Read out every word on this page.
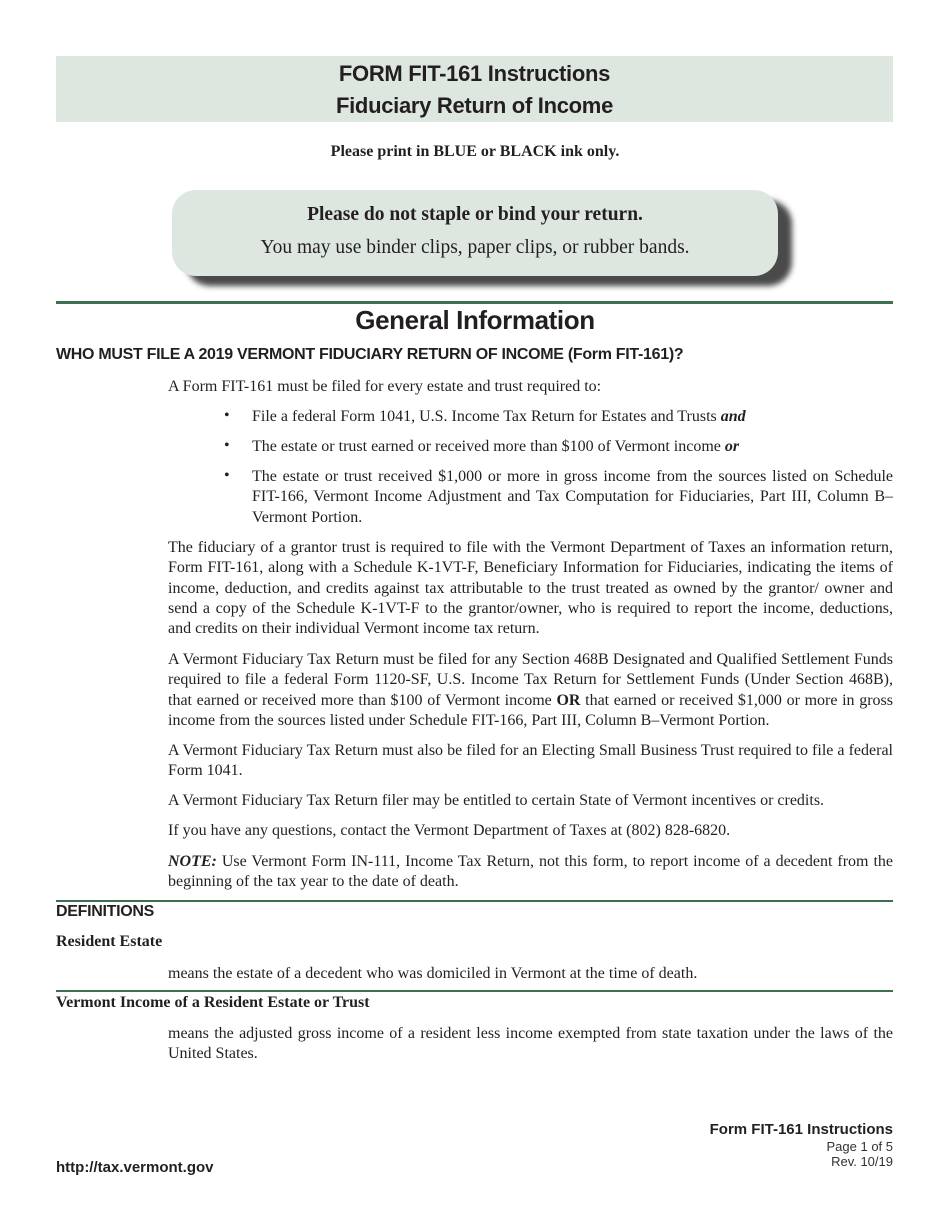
FORM FIT-161 Instructions
Fiduciary Return of Income
Please print in BLUE or BLACK ink only.
Please do not staple or bind your return.
You may use binder clips, paper clips, or rubber bands.
General Information
WHO MUST FILE A 2019 VERMONT FIDUCIARY RETURN OF INCOME (Form FIT-161)?
A Form FIT-161 must be filed for every estate and trust required to:
• File a federal Form 1041, U.S. Income Tax Return for Estates and Trusts and
• The estate or trust earned or received more than $100 of Vermont income or
• The estate or trust received $1,000 or more in gross income from the sources listed on Schedule FIT-166, Vermont Income Adjustment and Tax Computation for Fiduciaries, Part III, Column B–Vermont Portion.
The fiduciary of a grantor trust is required to file with the Vermont Department of Taxes an information return, Form FIT-161, along with a Schedule K-1VT-F, Beneficiary Information for Fiduciaries, indicating the items of income, deduction, and credits against tax attributable to the trust treated as owned by the grantor/ owner and send a copy of the Schedule K-1VT-F to the grantor/owner, who is required to report the income, deductions, and credits on their individual Vermont income tax return.
A Vermont Fiduciary Tax Return must be filed for any Section 468B Designated and Qualified Settlement Funds required to file a federal Form 1120-SF, U.S. Income Tax Return for Settlement Funds (Under Section 468B), that earned or received more than $100 of Vermont income OR that earned or received $1,000 or more in gross income from the sources listed under Schedule FIT-166, Part III, Column B–Vermont Portion.
A Vermont Fiduciary Tax Return must also be filed for an Electing Small Business Trust required to file a federal Form 1041.
A Vermont Fiduciary Tax Return filer may be entitled to certain State of Vermont incentives or credits.
If you have any questions, contact the Vermont Department of Taxes at (802) 828-6820.
NOTE: Use Vermont Form IN-111, Income Tax Return, not this form, to report income of a decedent from the beginning of the tax year to the date of death.
DEFINITIONS
Resident Estate
means the estate of a decedent who was domiciled in Vermont at the time of death.
Vermont Income of a Resident Estate or Trust
means the adjusted gross income of a resident less income exempted from state taxation under the laws of the United States.
Form FIT-161 Instructions
Page 1 of 5
Rev. 10/19
http://tax.vermont.gov
